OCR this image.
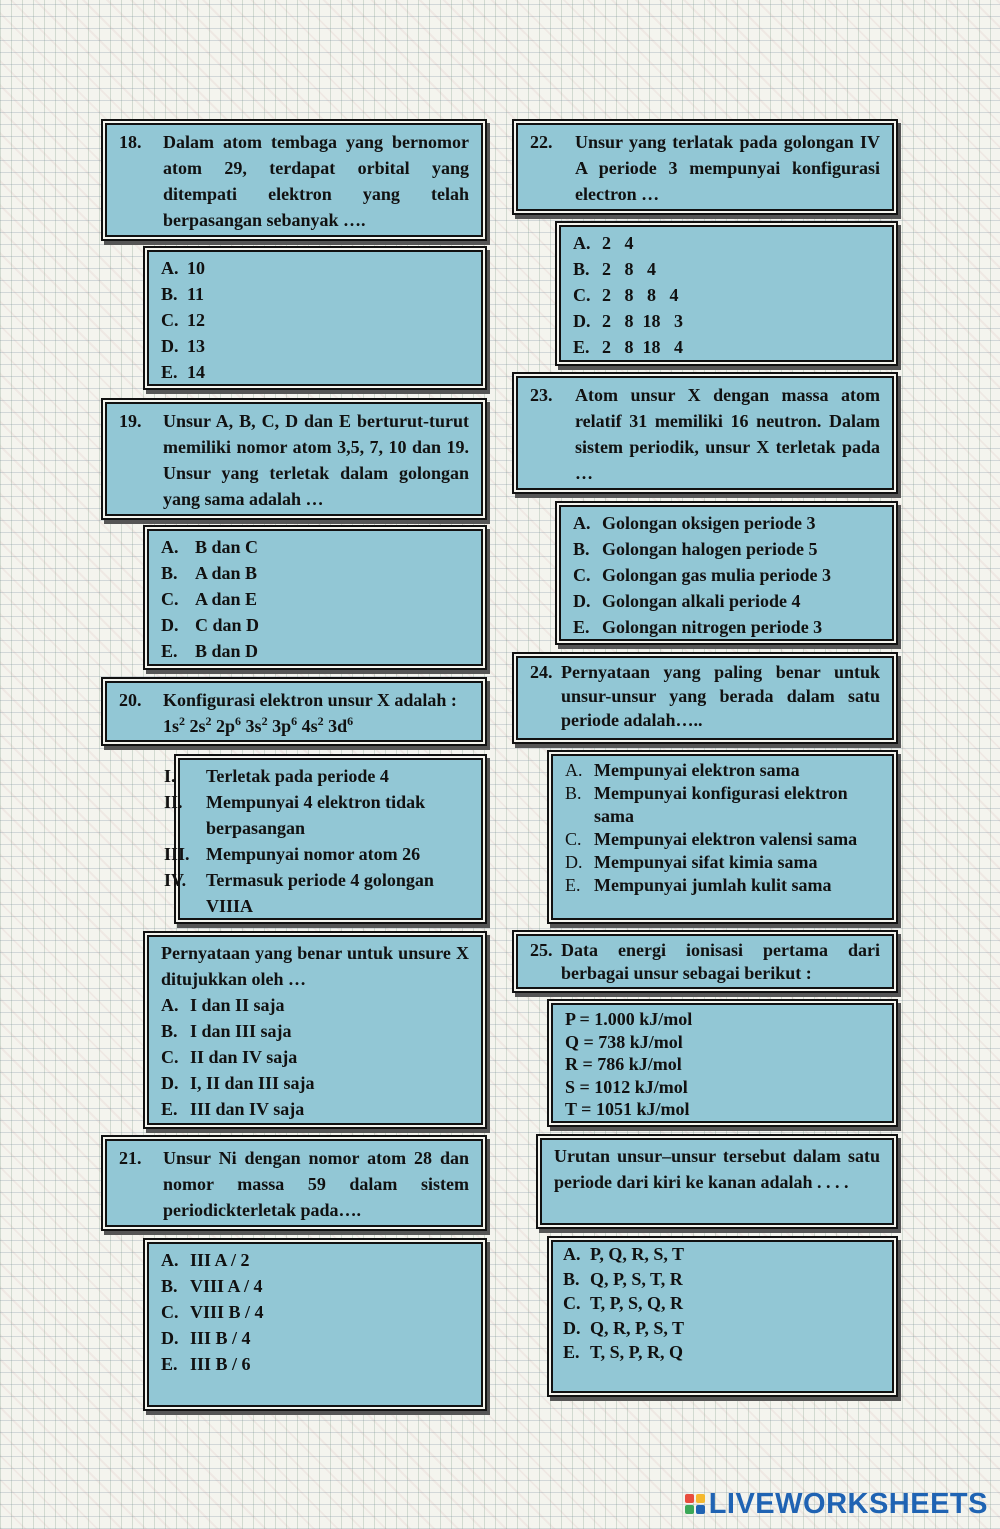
18.	Dalam atom tembaga yang bernomor atom 29, terdapat orbital yang ditempati elektron yang telah berpasangan sebanyak ….
A. 10
B. 11
C. 12
D. 13
E. 14
19.	Unsur A, B, C, D dan E berturut-turut memiliki nomor atom 3,5, 7, 10 dan 19. Unsur yang terletak dalam golongan yang sama adalah …
A. B dan C
B. A dan B
C. A dan E
D. C dan D
E. B dan D
20.	Konfigurasi elektron unsur X adalah : $1s^2$ $2s^2$ $2p^6$ $3s^2$ $3p^6$ $4s^2$ $3d^6$
I.	Terletak pada periode 4
II.	Mempunyai 4 elektron tidak berpasangan
III. Mempunyai nomor atom 26
IV.	Termasuk periode 4 golongan VIIIA
Pernyataan yang benar untuk unsure X ditujukkan oleh …
A. I dan II saja
B. I dan III saja
C. II dan IV saja
D. I, II dan III saja
E. III dan IV saja
21.	Unsur Ni dengan nomor atom 28 dan nomor massa 59 dalam sistem periodickterletak pada….
A. III A / 2
B. VIII A / 4
C. VIII B / 4
D. III B / 4
E. III B / 6
22.	Unsur yang terlatak pada golongan IV A periode 3 mempunyai konfigurasi electron …
A. 2   4
B. 2   8   4
C. 2   8   8   4
D. 2   8  18   3
E. 2   8  18   4
23.	Atom unsur X dengan massa atom relatif 31 memiliki 16 neutron. Dalam sistem periodik, unsur X terletak pada …
A. Golongan oksigen periode 3
B. Golongan halogen periode 5
C. Golongan gas mulia periode 3
D. Golongan alkali periode 4
E. Golongan nitrogen periode 3
24. Pernyataan yang paling benar untuk unsur-unsur yang berada dalam satu periode adalah…..
A. Mempunyai elektron sama
B. Mempunyai konfigurasi elektron sama
C. Mempunyai elektron valensi sama
D. Mempunyai sifat kimia sama
E. Mempunyai jumlah kulit sama
25. Data energi ionisasi pertama dari berbagai unsur sebagai berikut :
P = 1.000 kJ/mol
Q = 738 kJ/mol
R = 786 kJ/mol
S = 1012 kJ/mol
T = 1051 kJ/mol
Urutan unsur–unsur tersebut dalam satu periode dari kiri ke kanan adalah . . . .
A. P, Q, R, S, T
B. Q, P, S, T, R
C. T, P, S, Q, R
D. Q, R, P, S, T
E. T, S, P, R, Q
LIVEWORKSHEETS
